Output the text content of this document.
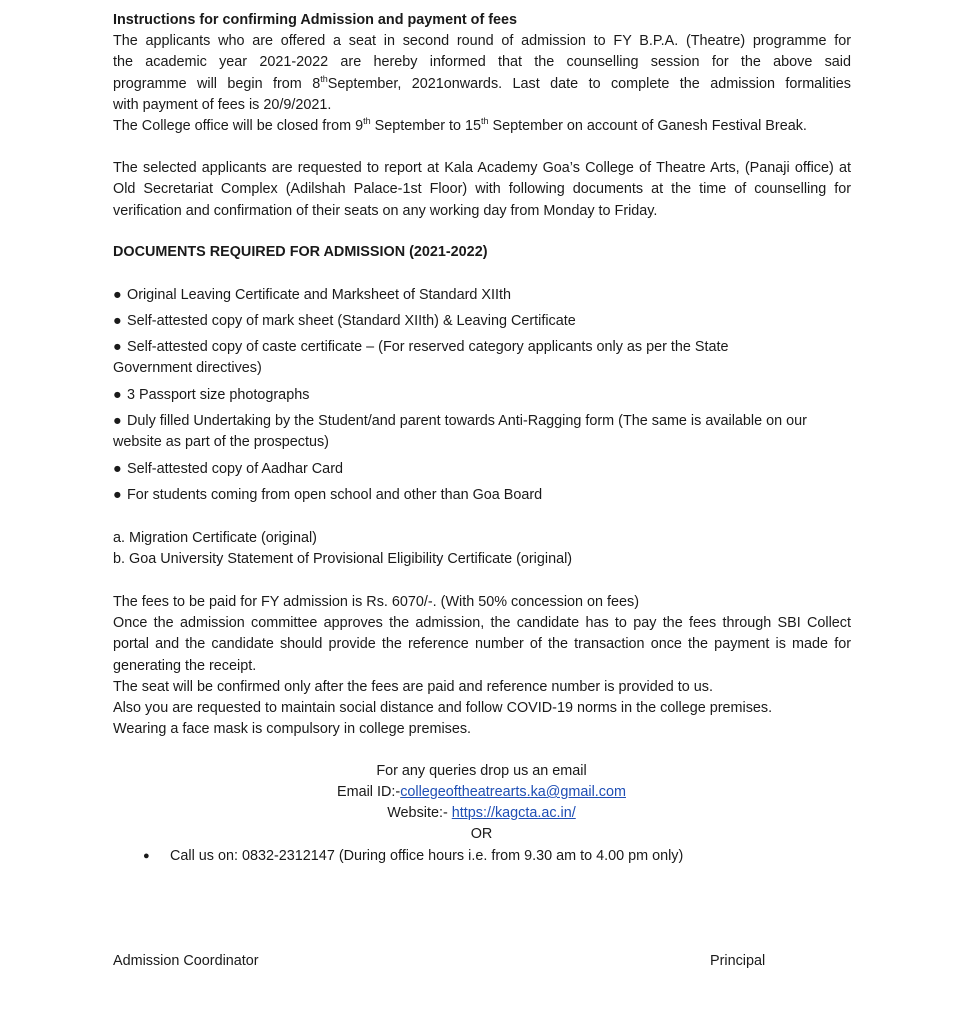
Instructions for confirming Admission and payment of fees
The applicants who are offered a seat in second round of admission to FY B.P.A. (Theatre) programme for
the academic year 2021-2022 are hereby informed that the counselling session for the above said
programme will begin from 8thSeptember, 2021onwards. Last date to complete the admission formalities
with payment of fees is 20/9/2021.
The College office will be closed from 9th September to 15th September on account of Ganesh Festival Break.
The selected applicants are requested to report at Kala Academy Goa’s College of Theatre Arts, (Panaji office) at Old Secretariat Complex (Adilshah Palace-1st Floor) with following documents at the time of counselling for verification and confirmation of their seats on any working day from Monday to Friday.
DOCUMENTS REQUIRED FOR ADMISSION (2021-2022)
● Original Leaving Certificate and Marksheet of Standard XIIth
● Self-attested copy of mark sheet (Standard XIIth) & Leaving Certificate
● Self-attested copy of caste certificate – (For reserved category applicants only as per the State Government directives)
● 3 Passport size photographs
● Duly filled Undertaking by the Student/and parent towards Anti-Ragging form (The same is available on our website as part of the prospectus)
● Self-attested copy of Aadhar Card
● For students coming from open school and other than Goa Board
a. Migration Certificate (original)
b. Goa University Statement of Provisional Eligibility Certificate (original)
The fees to be paid for FY admission is Rs. 6070/-. (With 50% concession on fees)
Once the admission committee approves the admission, the candidate has to pay the fees through SBI Collect portal and the candidate should provide the reference number of the transaction once the payment is made for generating the receipt.
The seat will be confirmed only after the fees are paid and reference number is provided to us.
Also you are requested to maintain social distance and follow COVID-19 norms in the college premises.
Wearing a face mask is compulsory in college premises.
For any queries drop us an email
Email ID:-collegeoftheatrearts.ka@gmail.com
Website:- https://kagcta.ac.in/
OR
● Call us on: 0832-2312147 (During office hours i.e. from 9.30 am to 4.00 pm only)
Admission Coordinator	Principal
